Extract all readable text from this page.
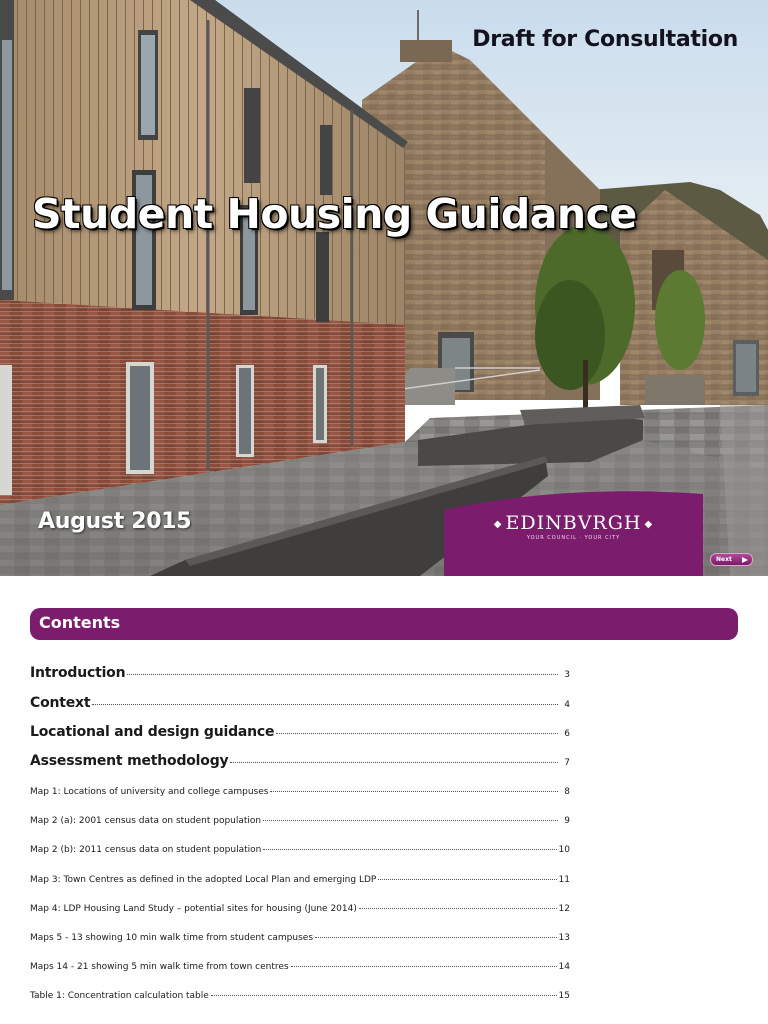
Draft for Consultation
Student Housing Guidance
August 2015	◆ EDINBVRGH ◆
YOUR COUNCIL · YOUR CITY
Next
Contents
Introduction	3
Context	4
Locational and design guidance	6
Assessment methodology	7
Map 1: Locations of university and college campuses	8
Map 2 (a): 2001 census data on student population	9
Map 2 (b): 2011 census data on student population	10
Map 3: Town Centres as defined in the adopted Local Plan and emerging LDP	11
Map 4: LDP Housing Land Study – potential sites for housing (June 2014)	12
Maps 5 - 13 showing 10 min walk time from student campuses	13
Maps 14 - 21 showing 5 min walk time from town centres	14
Table 1: Concentration calculation table	15
